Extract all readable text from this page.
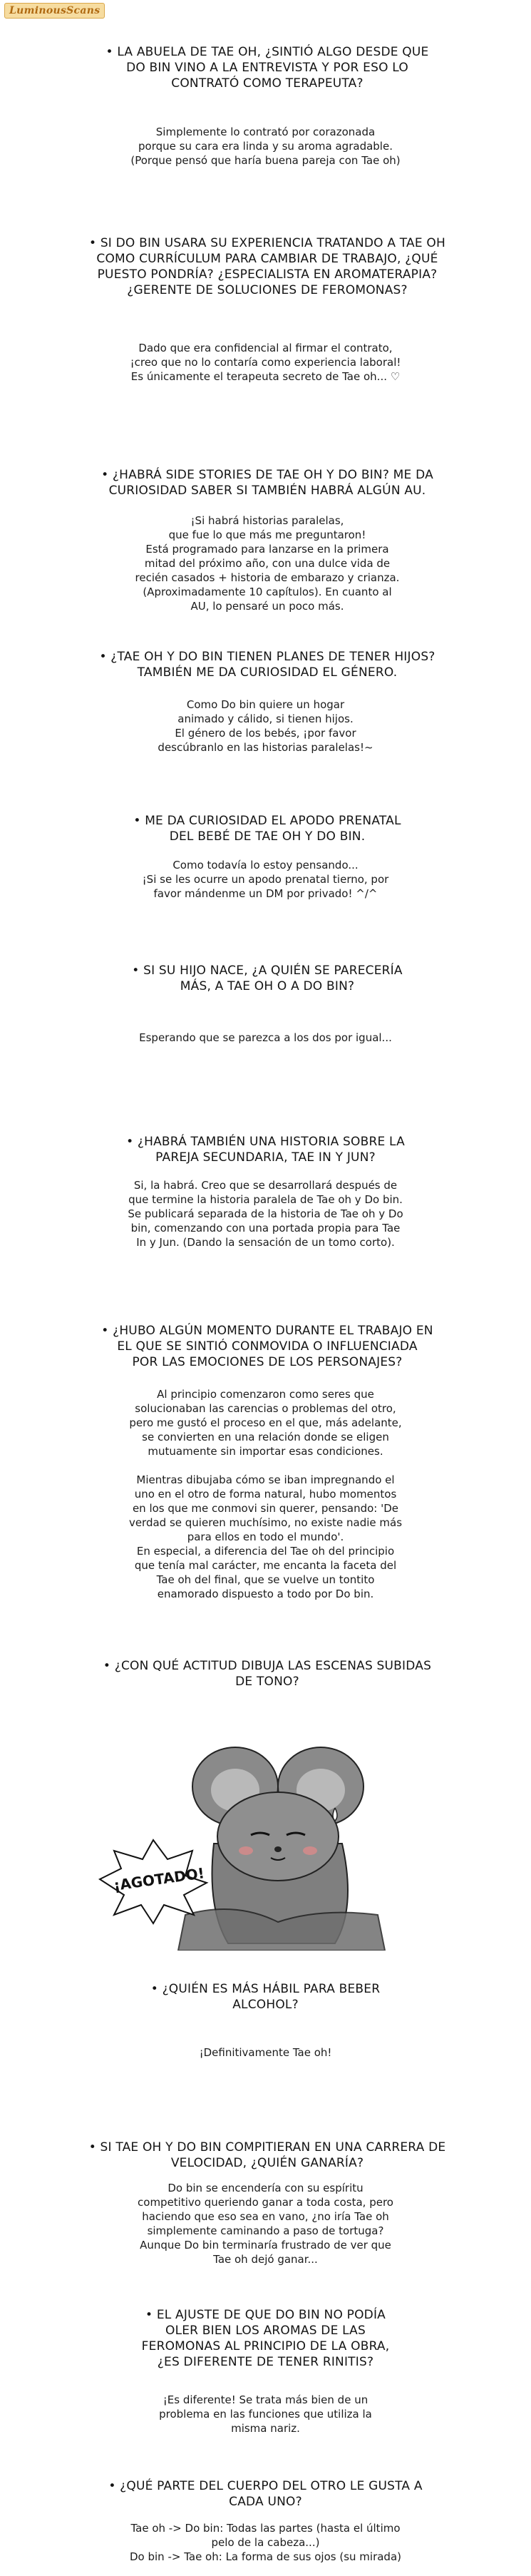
LuminousScans
• LA ABUELA DE TAE OH, ¿SINTIÓ ALGO DESDE QUE
DO BIN VINO A LA ENTREVISTA Y POR ESO LO
CONTRATÓ COMO TERAPEUTA?
Simplemente lo contrató por corazonada
porque su cara era linda y su aroma agradable.
(Porque pensó que haría buena pareja con Tae oh)
• SI DO BIN USARA SU EXPERIENCIA TRATANDO A TAE OH
COMO CURRÍCULUM PARA CAMBIAR DE TRABAJO, ¿QUÉ
PUESTO PONDRÍA? ¿ESPECIALISTA EN AROMATERAPIA?
¿GERENTE DE SOLUCIONES DE FEROMONAS?
Dado que era confidencial al firmar el contrato,
¡creo que no lo contaría como experiencia laboral!
Es únicamente el terapeuta secreto de Tae oh... ♡
• ¿HABRÁ SIDE STORIES DE TAE OH Y DO BIN? ME DA
CURIOSIDAD SABER SI TAMBIÉN HABRÁ ALGÚN AU.
¡Si habrá historias paralelas,
que fue lo que más me preguntaron!
Está programado para lanzarse en la primera
mitad del próximo año, con una dulce vida de
recién casados + historia de embarazo y crianza.
(Aproximadamente 10 capítulos). En cuanto al
AU, lo pensaré un poco más.
• ¿TAE OH Y DO BIN TIENEN PLANES DE TENER HIJOS?
TAMBIÉN ME DA CURIOSIDAD EL GÉNERO.
Como Do bin quiere un hogar
animado y cálido, si tienen hijos.
El género de los bebés, ¡por favor
descúbranlo en las historias paralelas!~
• ME DA CURIOSIDAD EL APODO PRENATAL
DEL BEBÉ DE TAE OH Y DO BIN.
Como todavía lo estoy pensando...
¡Si se les ocurre un apodo prenatal tierno, por
favor mándenme un DM por privado! ^/^
• SI SU HIJO NACE, ¿A QUIÉN SE PARECERÍA
MÁS, A TAE OH O A DO BIN?
Esperando que se parezca a los dos por igual...
• ¿HABRÁ TAMBIÉN UNA HISTORIA SOBRE LA
PAREJA SECUNDARIA, TAE IN Y JUN?
Si, la habrá. Creo que se desarrollará después de
que termine la historia paralela de Tae oh y Do bin.
Se publicará separada de la historia de Tae oh y Do
bin, comenzando con una portada propia para Tae
In y Jun. (Dando la sensación de un tomo corto).
• ¿HUBO ALGÚN MOMENTO DURANTE EL TRABAJO EN
EL QUE SE SINTIÓ CONMOVIDA O INFLUENCIADA
POR LAS EMOCIONES DE LOS PERSONAJES?
Al principio comenzaron como seres que
solucionaban las carencias o problemas del otro,
pero me gustó el proceso en el que, más adelante,
se convierten en una relación donde se eligen
mutuamente sin importar esas condiciones.

Mientras dibujaba cómo se iban impregnando el
uno en el otro de forma natural, hubo momentos
en los que me conmovi sin querer, pensando: 'De
verdad se quieren muchísimo, no existe nadie más
para ellos en todo el mundo'.
En especial, a diferencia del Tae oh del principio
que tenía mal carácter, me encanta la faceta del
Tae oh del final, que se vuelve un tontito
enamorado dispuesto a todo por Do bin.
• ¿CON QUÉ ACTITUD DIBUJA LAS ESCENAS SUBIDAS
DE TONO?
¡AGOTADO!
• ¿QUIÉN ES MÁS HÁBIL PARA BEBER
ALCOHOL?
¡Definitivamente Tae oh!
• SI TAE OH Y DO BIN COMPITIERAN EN UNA CARRERA DE
VELOCIDAD, ¿QUIÉN GANARÍA?
Do bin se encendería con su espíritu
competitivo queriendo ganar a toda costa, pero
haciendo que eso sea en vano, ¿no iría Tae oh
simplemente caminando a paso de tortuga?
Aunque Do bin terminaría frustrado de ver que
Tae oh dejó ganar...
• EL AJUSTE DE QUE DO BIN NO PODÍA
OLER BIEN LOS AROMAS DE LAS
FEROMONAS AL PRINCIPIO DE LA OBRA,
¿ES DIFERENTE DE TENER RINITIS?
¡Es diferente! Se trata más bien de un
problema en las funciones que utiliza la
misma nariz.
• ¿QUÉ PARTE DEL CUERPO DEL OTRO LE GUSTA A
CADA UNO?
Tae oh -> Do bin: Todas las partes (hasta el último
pelo de la cabeza...)
Do bin -> Tae oh: La forma de sus ojos (su mirada)
